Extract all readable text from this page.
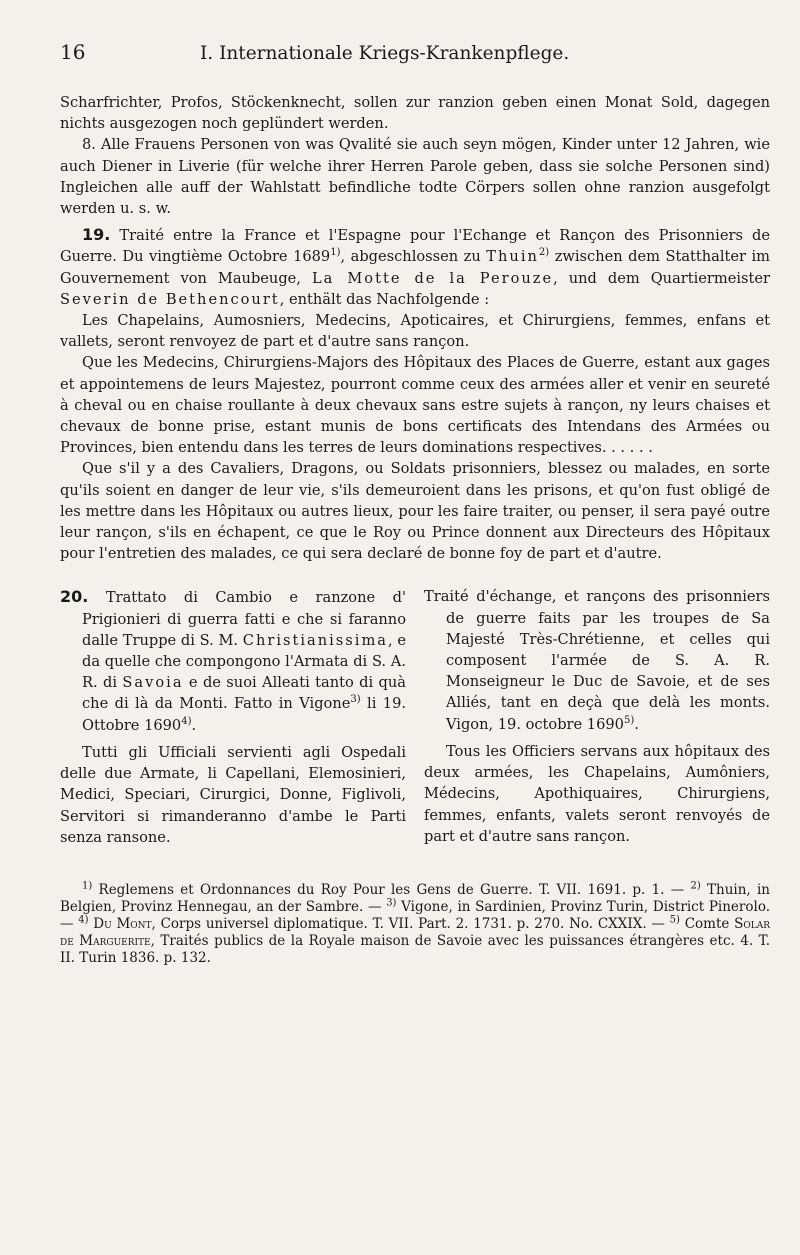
16	I. Internationale Kriegs-Krankenpflege.

Scharfrichter, Profos, Stöckenknecht, sollen zur ranzion geben einen Monat Sold, dagegen nichts ausgezogen noch geplündert werden.

8. Alle Frauens Personen von was Qvalité sie auch seyn mögen, Kinder unter 12 Jahren, wie auch Diener in Liverie (für welche ihrer Herren Parole geben, dass sie solche Personen sind) Ingleichen alle auff der Wahlstatt befindliche todte Cörpers sollen ohne ranzion ausgefolgt werden u. s. w.

19. Traité entre la France et l'Espagne pour l'Echange et Rançon des Prisonniers de Guerre. Du vingtième Octobre 1689$^{1)}$, abgeschlossen zu Thuin$^{2)}$ zwischen dem Statthalter im Gouvernement von Maubeuge, La Motte de la Perouze, und dem Quartiermeister Severin de Bethencourt, enthält das Nachfolgende :

Les Chapelains, Aumosniers, Medecins, Apoticaires, et Chirurgiens, femmes, enfans et vallets, seront renvoyez de part et d'autre sans rançon.

Que les Medecins, Chirurgiens-Majors des Hôpitaux des Places de Guerre, estant aux gages et appointemens de leurs Majestez, pourront comme ceux des armées aller et venir en seureté à cheval ou en chaise roullante à deux chevaux sans estre sujets à rançon, ny leurs chaises et chevaux de bonne prise, estant munis de bons certificats des Intendans des Armées ou Provinces, bien entendu dans les terres de leurs dominations respectives. . . . . .

Que s'il y a des Cavaliers, Dragons, ou Soldats prisonniers, blessez ou malades, en sorte qu'ils soient en danger de leur vie, s'ils demeuroient dans les prisons, et qu'on fust obligé de les mettre dans les Hôpitaux ou autres lieux, pour les faire traiter, ou penser, il sera payé outre leur rançon, s'ils en échapent, ce que le Roy ou Prince donnent aux Directeurs des Hôpitaux pour l'entretien des malades, ce qui sera declaré de bonne foy de part et d'autre.

20. Trattato di Cambio e ranzone d' Prigionieri di guerra fatti e che si faranno dalle Truppe di S. M. Christianissima, e da quelle che compongono l'Armata di S. A. R. di Savoia e de suoi Alleati tanto di quà che di là da Monti. Fatto in Vigone$^{3)}$ li 19. Ottobre 1690$^{4)}$.

Tutti gli Ufficiali servienti agli Ospedali delle due Armate, li Capellani, Elemosinieri, Medici, Speciari, Cirurgici, Donne, Figlivoli, Servitori si rimanderanno d'ambe le Parti senza ransone.

Traité d'échange, et rançons des prisonniers de guerre faits par les troupes de Sa Majesté Très-Chrétienne, et celles qui composent l'armée de S. A. R. Monseigneur le Duc de Savoie, et de ses Alliés, tant en deçà que delà les monts. Vigon, 19. octobre 1690$^{5)}$.

Tous les Officiers servans aux hôpitaux des deux armées, les Chapelains, Aumôniers, Médecins, Apothiquaires, Chirurgiens, femmes, enfants, valets seront renvoyés de part et d'autre sans rançon.

$^{1)}$ Reglemens et Ordonnances du Roy Pour les Gens de Guerre. T. VII. 1691. p. 1. — $^{2)}$ Thuin, in Belgien, Provinz Hennegau, an der Sambre. — $^{3)}$ Vigone, in Sardinien, Provinz Turin, District Pinerolo. — $^{4)}$ Du Mont, Corps universel diplomatique. T. VII. Part. 2. 1731. p. 270. No. CXXIX. — $^{5)}$ Comte Solar de Marguerite, Traités publics de la Royale maison de Savoie avec les puissances étrangères etc. 4. T. II. Turin 1836. p. 132.
